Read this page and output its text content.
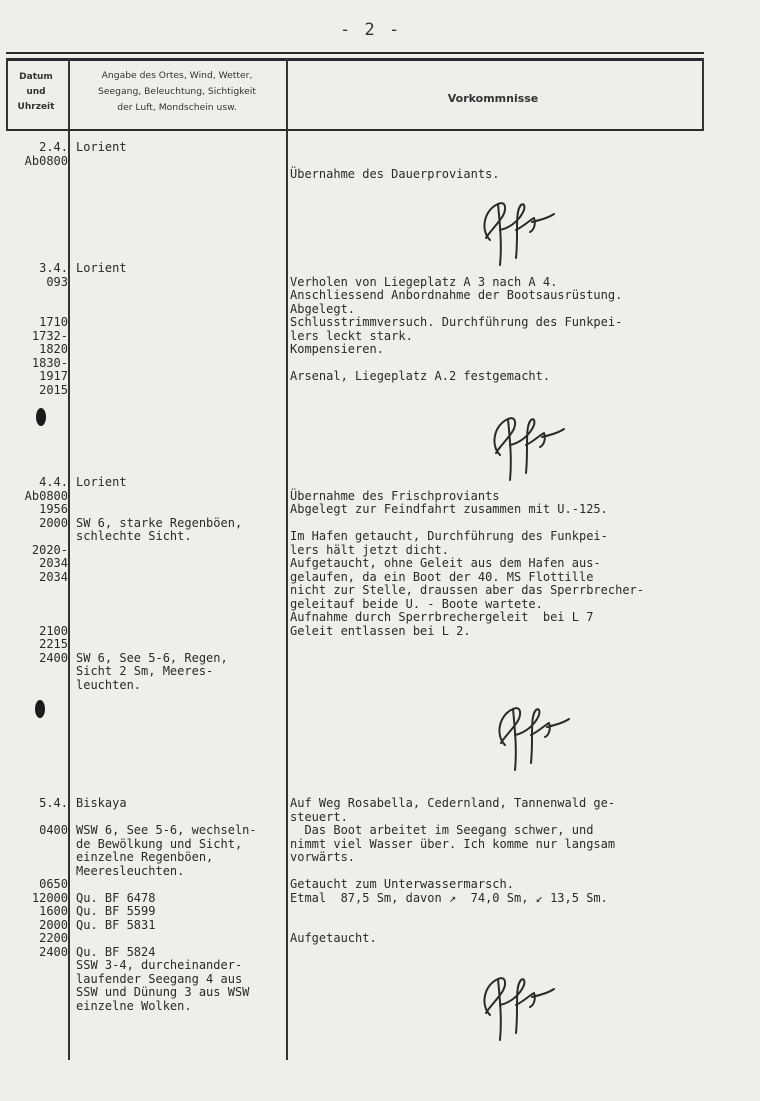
- 2 -
Datum
und
Uhrzeit
Angabe des Ortes, Wind, Wetter,
Seegang, Beleuchtung, Sichtigkeit
der Luft, Mondschein usw.
Vorkommnisse
2.4.
Ab0800
Lorient

Übernahme des Dauerproviants.
3.4.
093

1710
1732-
1820
1830-
1917
2015
Lorient

Verholen von Liegeplatz A 3 nach A 4.
Anschliessend Anbordnahme der Bootsausrüstung.
Abgelegt.
Schlusstrimmversuch. Durchführung des Funkpei-
lers leckt stark.
Kompensieren.

Arsenal, Liegeplatz A.2 festgemacht.
4.4.
Ab0800
1956
2000

2020-
2034
2034

2100
2215
2400
Lorient

SW 6, starke Regenböen,
schlechte Sicht.

SW 6, See 5-6, Regen,
Sicht 2 Sm, Meeres-
leuchten.

Übernahme des Frischproviants
Abgelegt zur Feindfahrt zusammen mit U.-125.

Im Hafen getaucht, Durchführung des Funkpei-
lers hält jetzt dicht.
Aufgetaucht, ohne Geleit aus dem Hafen aus-
gelaufen, da ein Boot der 40. MS Flottille
nicht zur Stelle, draussen aber das Sperrbrecher-
geleitauf beide U. - Boote wartete.
Aufnahme durch Sperrbrechergeleit  bei L 7
Geleit entlassen bei L 2.
5.4.

0400

0650
12000
1600
2000
2200
2400
Biskaya

WSW 6, See 5-6, wechseln-
de Bewölkung und Sicht,
einzelne Regenböen,
Meeresleuchten.

Qu. BF 6478
Qu. BF 5599
Qu. BF 5831

Qu. BF 5824
SSW 3-4, durcheinander-
laufender Seegang 4 aus
SSW und Dünung 3 aus WSW
einzelne Wolken.
Auf Weg Rosabella, Cedernland, Tannenwald ge-
steuert.
Das Boot arbeitet im Seegang schwer, und
nimmt viel Wasser über. Ich komme nur langsam
vorwärts.

Getaucht zum Unterwassermarsch.
Etmal  87,5 Sm, davon ↗  74,0 Sm, ↙ 13,5 Sm.

Aufgetaucht.
